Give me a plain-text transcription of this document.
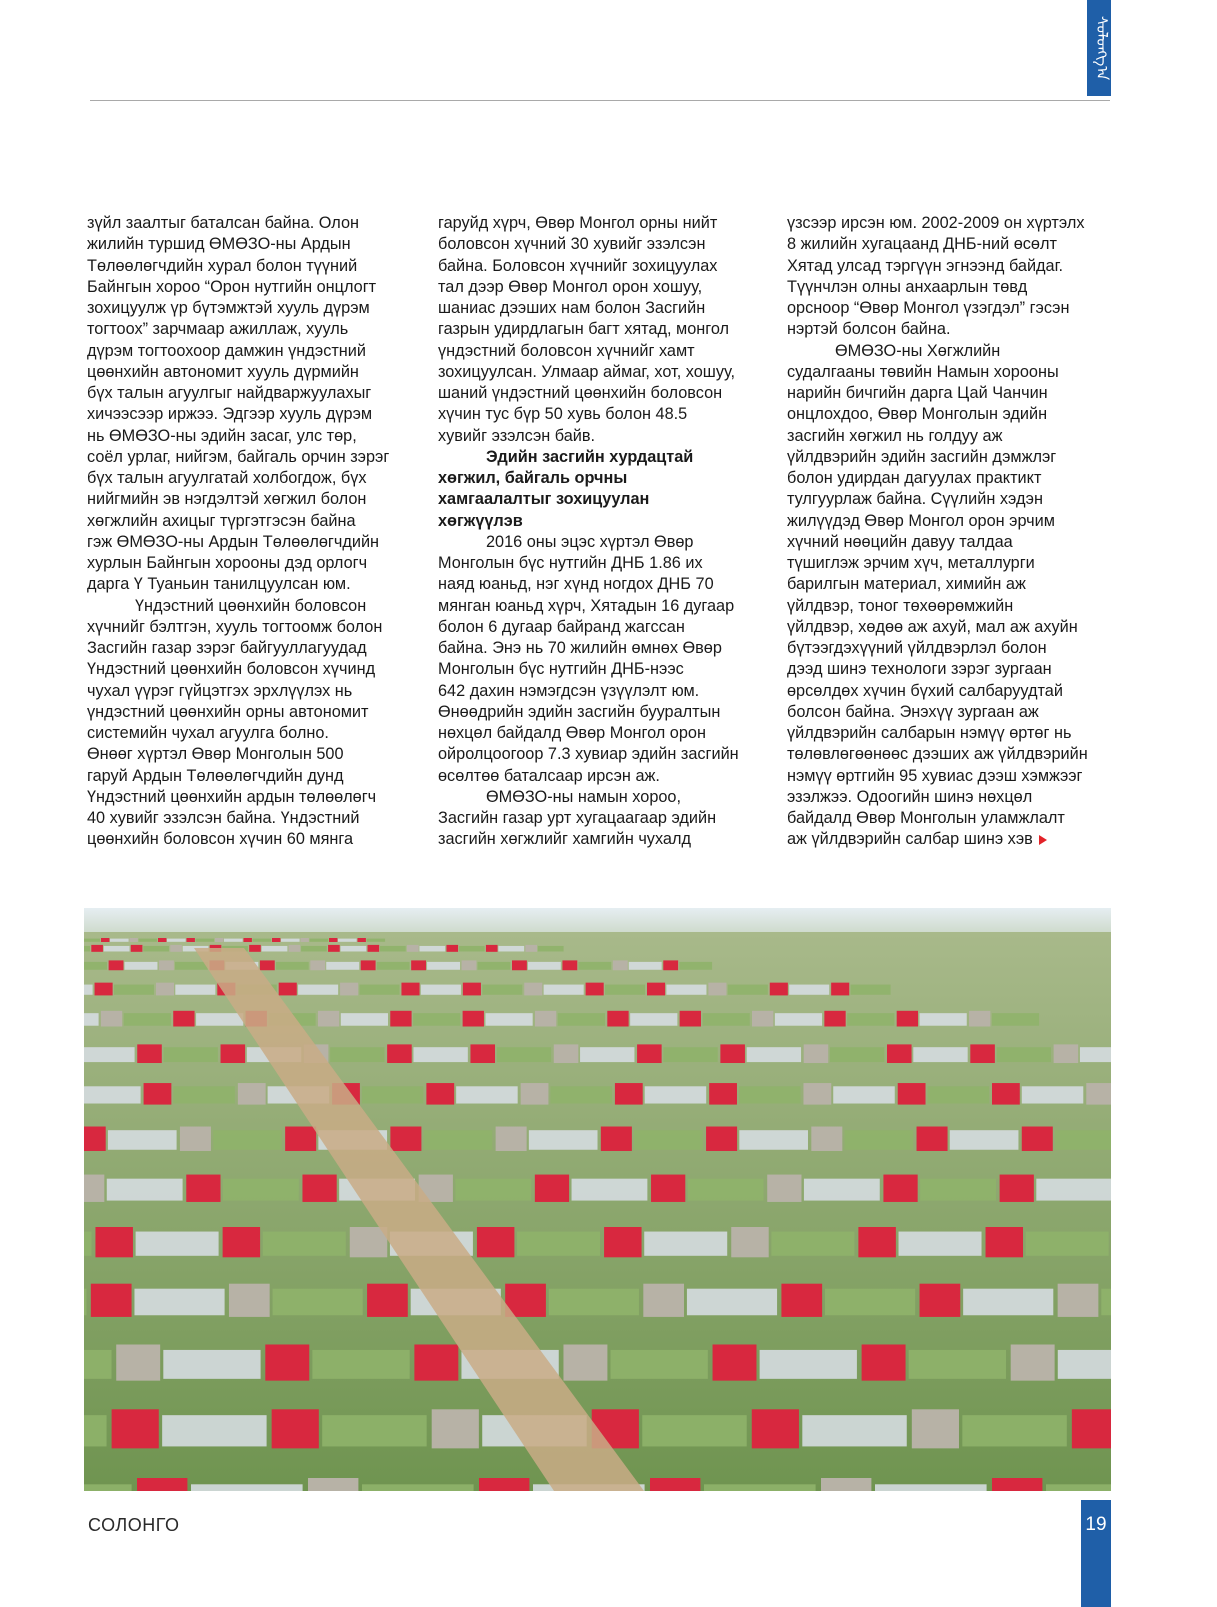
ᠰᠣᠯᠣᠩᠭ᠎ᠠ
зүйл заалтыг баталсан байна. Олон
жилийн туршид ӨМӨЗО-ны Ардын
Төлөөлөгчдийн хурал болон түүний
Байнгын хороо “Орон нутгийн онцлогт
зохицуулж үр бүтэмжтэй хууль дүрэм
тогтоох” зарчмаар ажиллаж, хууль
дүрэм тогтоохоор дамжин үндэстний
цөөнхийн автономит хууль дүрмийн
бүх талын агуулгыг найдваржуулахыг
хичээсээр иржээ. Эдгээр хууль дүрэм
нь ӨМӨЗО-ны эдийн засаг, улс төр,
соёл урлаг, нийгэм, байгаль орчин зэрэг
бүх талын агуулгатай холбогдож, бүх
нийгмийн эв нэгдэлтэй хөгжил болон
хөгжлийн ахицыг түргэтгэсэн байна
гэж ӨМӨЗО-ны Ардын Төлөөлөгчдийн
хурлын Байнгын хорооны дэд орлогч
дарга Ү Туаньин танилцуулсан юм.
Үндэстний цөөнхийн боловсон
хүчнийг бэлтгэн, хууль тогтоомж болон
Засгийн газар зэрэг байгууллагуудад
Үндэстний цөөнхийн боловсон хүчинд
чухал үүрэг гүйцэтгэх эрхлүүлэх нь
үндэстний цөөнхийн орны автономит
системийн чухал агуулга болно.
Өнөөг хүртэл Өвөр Монголын 500
гаруй Ардын Төлөөлөгчдийн дунд
Үндэстний цөөнхийн ардын төлөөлөгч
40 хувийг эзэлсэн байна. Үндэстний
цөөнхийн боловсон хүчин 60 мянга
гаруйд хүрч, Өвөр Монгол орны нийт
боловсон хүчний 30 хувийг эзэлсэн
байна. Боловсон хүчнийг зохицуулах
тал дээр Өвөр Монгол орон хошуу,
шаниас дээших нам болон Засгийн
газрын удирдлагын багт хятад, монгол
үндэстний боловсон хүчнийг хамт
зохицуулсан. Улмаар аймаг, хот, хошуу,
шаний үндэстний цөөнхийн боловсон
хүчин тус бүр 50 хувь болон 48.5
хувийг эзэлсэн байв.
Эдийн засгийн хурдацтай
хөгжил, байгаль орчны
хамгаалалтыг зохицуулан
хөгжүүлэв
2016 оны эцэс хүртэл Өвөр
Монголын бүс нутгийн ДНБ 1.86 их
наяд юаньд, нэг хүнд ногдох ДНБ 70
мянган юаньд хүрч, Хятадын 16 дугаар
болон 6 дугаар байранд жагссан
байна. Энэ нь 70 жилийн өмнөх Өвөр
Монголын бүс нутгийн ДНБ-нээс
642 дахин нэмэгдсэн үзүүлэлт юм.
Өнөөдрийн эдийн засгийн бууралтын
нөхцөл байдалд Өвөр Монгол орон
ойролцоогоор 7.3 хувиар эдийн засгийн
өсөлтөө баталсаар ирсэн аж.
ӨМӨЗО-ны намын хороо,
Засгийн газар урт хугацаагаар эдийн
засгийн хөгжлийг хамгийн чухалд
үзсээр ирсэн юм. 2002-2009 он хүртэлх
8 жилийн хугацаанд ДНБ-ний өсөлт
Хятад улсад тэргүүн эгнээнд байдаг.
Түүнчлэн олны анхаарлын төвд
орсноор “Өвөр Монгол үзэгдэл” гэсэн
нэртэй болсон байна.
ӨМӨЗО-ны Хөгжлийн
судалгааны төвийн Намын хорооны
нарийн бичгийн дарга Цай Чанчин
онцлохдоо, Өвөр Монголын эдийн
засгийн хөгжил нь голдуу аж
үйлдвэрийн эдийн засгийн дэмжлэг
болон удирдан дагуулах практикт
тулгуурлаж байна. Сүүлийн хэдэн
жилүүдэд Өвөр Монгол орон эрчим
хүчний нөөцийн давуу талдаа
түшиглэж эрчим хүч, металлурги
барилгын материал, химийн аж
үйлдвэр, тоног төхөөрөмжийн
үйлдвэр, хөдөө аж ахуй, мал аж ахуйн
бүтээгдэхүүний үйлдвэрлэл болон
дээд шинэ технологи зэрэг зургаан
өрсөлдөх хүчин бүхий салбаруудтай
болсон байна. Энэхүү зургаан аж
үйлдвэрийн салбарын нэмүү өртөг нь
төлөвлөгөөнөөс дээших аж үйлдвэрийн
нэмүү өртгийн 95 хувиас дээш хэмжээг
эзэлжээ. Одоогийн шинэ нөхцөл
байдалд Өвөр Монголын уламжлалт
аж үйлдвэрийн салбар шинэ хэв
СОЛОНГО	19
